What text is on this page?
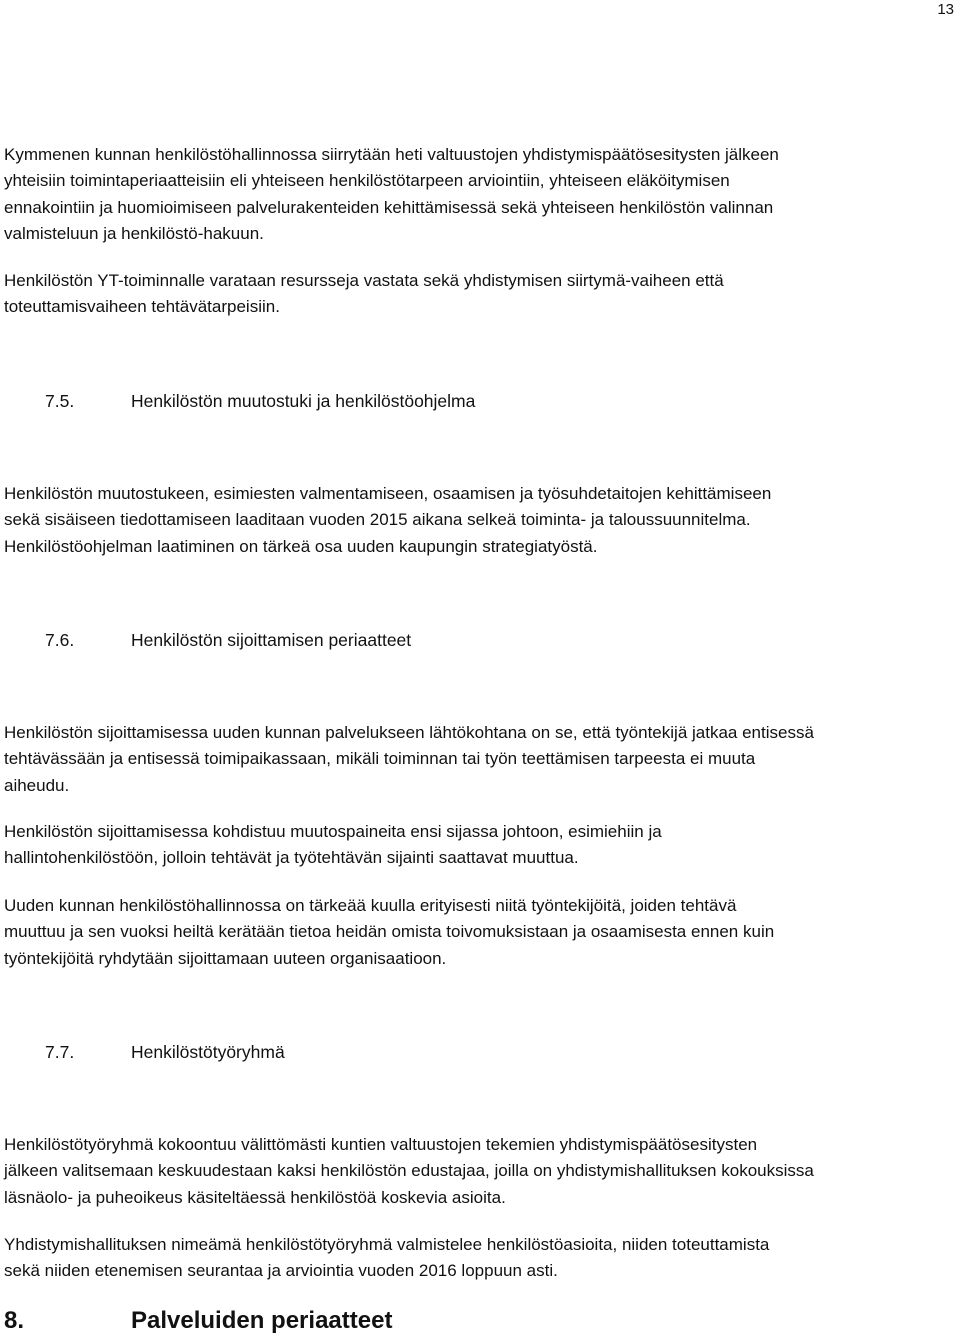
13
Kymmenen kunnan henkilöstöhallinnossa siirrytään heti valtuustojen yhdistymispäätösesitysten jälkeen
yhteisiin toimintaperiaatteisiin eli yhteiseen henkilöstötarpeen arviointiin, yhteiseen eläköitymisen
ennakointiin ja huomioimiseen palvelurakenteiden kehittämisessä sekä yhteiseen henkilöstön valinnan
valmisteluun ja henkilöstö-hakuun.
Henkilöstön YT-toiminnalle varataan resursseja vastata sekä yhdistymisen siirtymä-vaiheen että
toteuttamisvaiheen tehtävätarpeisiin.
7.5.	Henkilöstön muutostuki ja henkilöstöohjelma
Henkilöstön muutostukeen, esimiesten valmentamiseen, osaamisen ja työsuhdetaitojen kehittämiseen
sekä sisäiseen tiedottamiseen laaditaan vuoden 2015 aikana selkeä toiminta- ja taloussuunnitelma.
Henkilöstöohjelman laatiminen on tärkeä osa uuden kaupungin strategiatyöstä.
7.6.	Henkilöstön sijoittamisen periaatteet
Henkilöstön sijoittamisessa uuden kunnan palvelukseen lähtökohtana on se, että työntekijä jatkaa entisessä
tehtävässään ja entisessä toimipaikassaan, mikäli toiminnan tai työn teettämisen tarpeesta ei muuta
aiheudu.
Henkilöstön sijoittamisessa kohdistuu muutospaineita ensi sijassa johtoon, esimiehiin ja
hallintohenkilöstöön, jolloin tehtävät ja työtehtävän sijainti saattavat muuttua.
Uuden kunnan henkilöstöhallinnossa on tärkeää kuulla erityisesti niitä työntekijöitä, joiden tehtävä
muuttuu ja sen vuoksi heiltä kerätään tietoa heidän omista toivomuksistaan ja osaamisesta ennen kuin
työntekijöitä ryhdytään sijoittamaan uuteen organisaatioon.
7.7.	Henkilöstötyöryhmä
Henkilöstötyöryhmä kokoontuu välittömästi kuntien valtuustojen tekemien yhdistymispäätösesitysten
jälkeen valitsemaan keskuudestaan kaksi henkilöstön edustajaa, joilla on yhdistymishallituksen kokouksissa
läsnäolo- ja puheoikeus käsiteltäessä henkilöstöä koskevia asioita.
Yhdistymishallituksen nimeämä henkilöstötyöryhmä valmistelee henkilöstöasioita, niiden toteuttamista
sekä niiden etenemisen seurantaa ja arviointia vuoden 2016 loppuun asti.
8.	Palveluiden periaatteet
